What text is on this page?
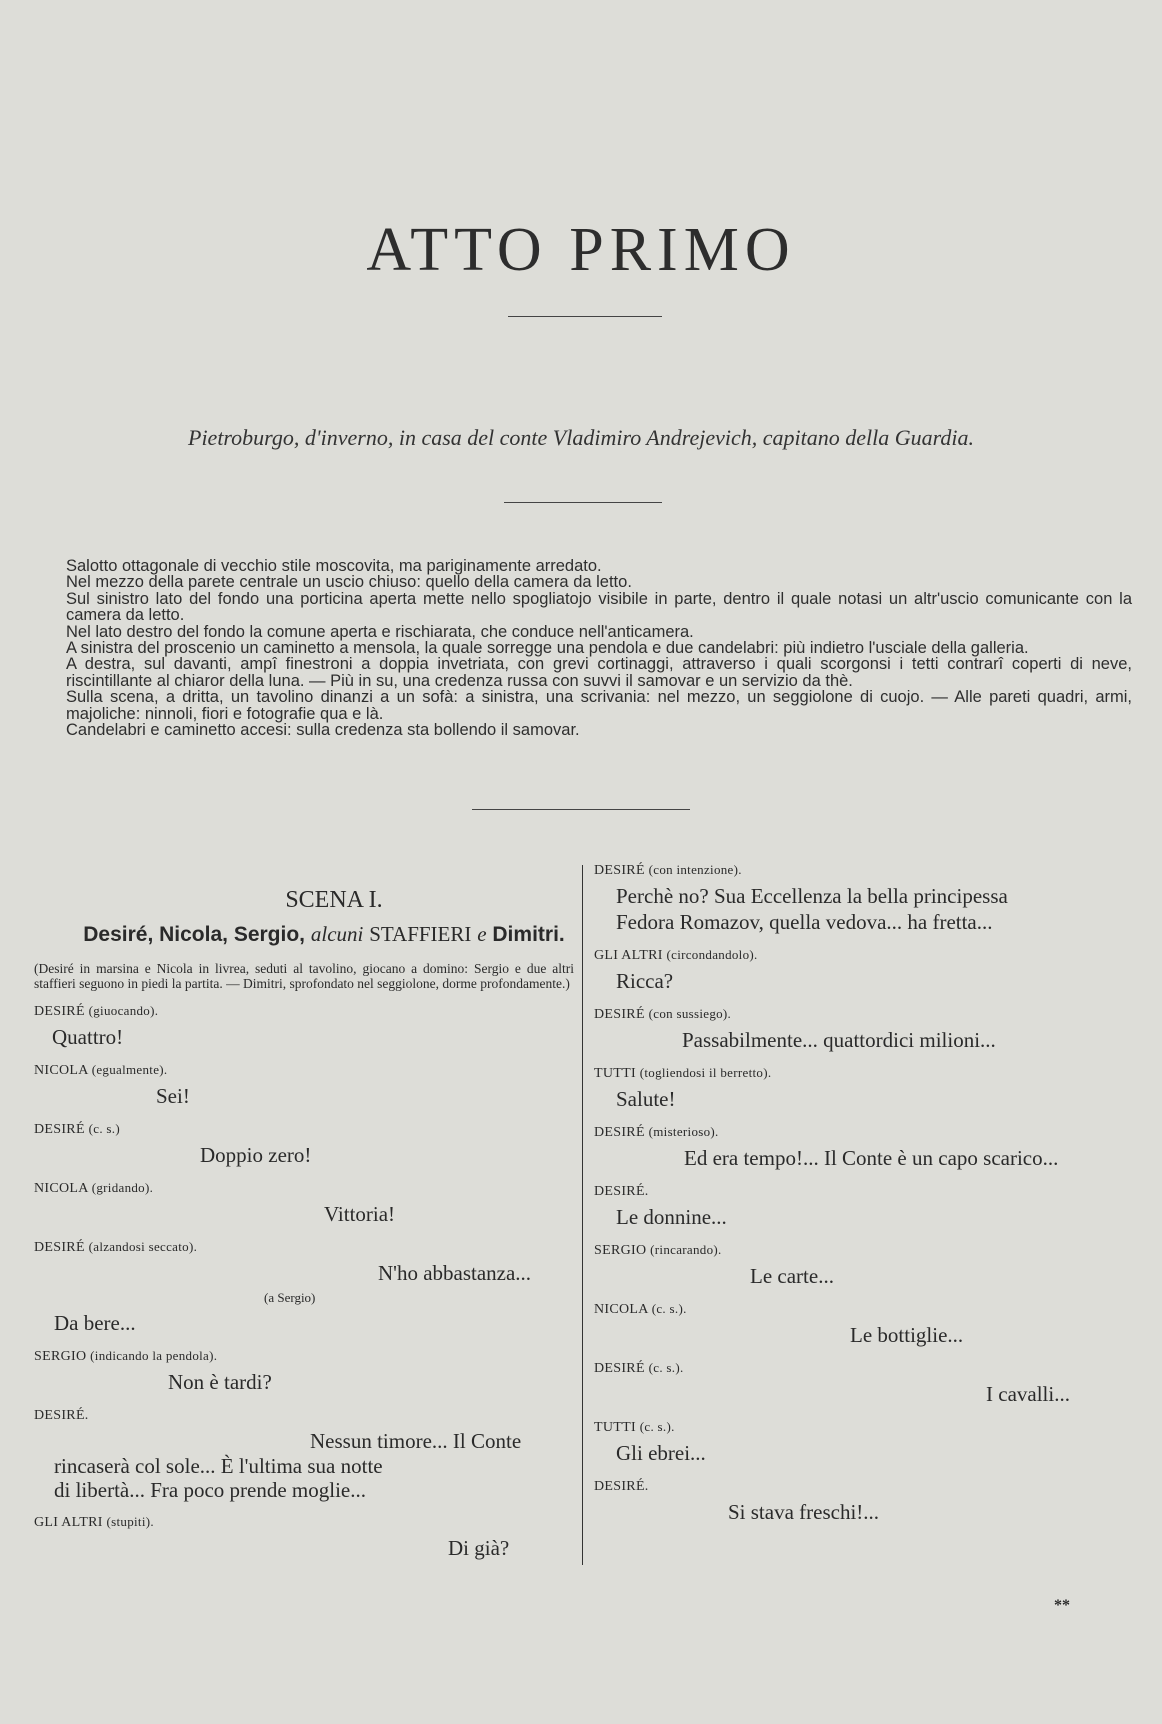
ATTO PRIMO
Pietroburgo, d'inverno, in casa del conte Vladimiro Andrejevich, capitano della Guardia.

Salotto ottagonale di vecchio stile moscovita, ma pariginamente arredato.

Nel mezzo della parete centrale un uscio chiuso: quello della camera da letto.

Sul sinistro lato del fondo una porticina aperta mette nello spogliatojo visibile in parte, dentro il quale notasi un altr'uscio comunicante con la camera da letto.

Nel lato destro del fondo la comune aperta e rischiarata, che conduce nell'anticamera.

A sinistra del proscenio un caminetto a mensola, la quale sorregge una pendola e due candelabri: più indietro l'usciale della galleria.

A destra, sul davanti, ampî finestroni a doppia invetriata, con grevi cortinaggi, attraverso i quali scorgonsi i tetti contrarî coperti di neve, riscintillante al chiaror della luna. — Più in su, una credenza russa con suvvi il samovar e un servizio da thè.

Sulla scena, a dritta, un tavolino dinanzi a un sofà: a sinistra, una scrivania: nel mezzo, un seggiolone di cuojo. — Alle pareti quadri, armi, majoliche: ninnoli, fiori e fotografie qua e là.

Candelabri e caminetto accesi: sulla credenza sta bollendo il samovar.

SCENA I.
Desiré, Nicola, Sergio, alcuni STAFFIERI e Dimitri.
(Desiré in marsina e Nicola in livrea, seduti al tavolino, giocano a domino: Sergio e due altri staffieri seguono in piedi la partita. — Dimitri, sprofondato nel seggiolone, dorme profondamente.)
DESIRÉ (giuocando).
Quattro!
NICOLA (egualmente).
Sei!
DESIRÉ (c. s.)
Doppio zero!
NICOLA (gridando).
Vittoria!
DESIRÉ (alzandosi seccato).
N'ho abbastanza...
(a Sergio)
Da bere...
SERGIO (indicando la pendola).
Non è tardi?
DESIRÉ.
Nessun timore... Il Conte
rincaserà col sole... È l'ultima sua notte
di libertà... Fra poco prende moglie...
GLI ALTRI (stupiti).
Di già?
DESIRÉ (con intenzione).
Perchè no? Sua Eccellenza la bella principessa
Fedora Romazov, quella vedova... ha fretta...
GLI ALTRI (circondandolo).
Ricca?
DESIRÉ (con sussiego).
Passabilmente... quattordici milioni...
TUTTI (togliendosi il berretto).
Salute!
DESIRÉ (misterioso).
Ed era tempo!... Il Conte è un capo scarico...
DESIRÉ.
Le donnine...
SERGIO (rincarando).
Le carte...
NICOLA (c. s.).
Le bottiglie...
DESIRÉ (c. s.).
I cavalli...
TUTTI (c. s.).
Gli ebrei...
DESIRÉ.
Si stava freschi!...
**
